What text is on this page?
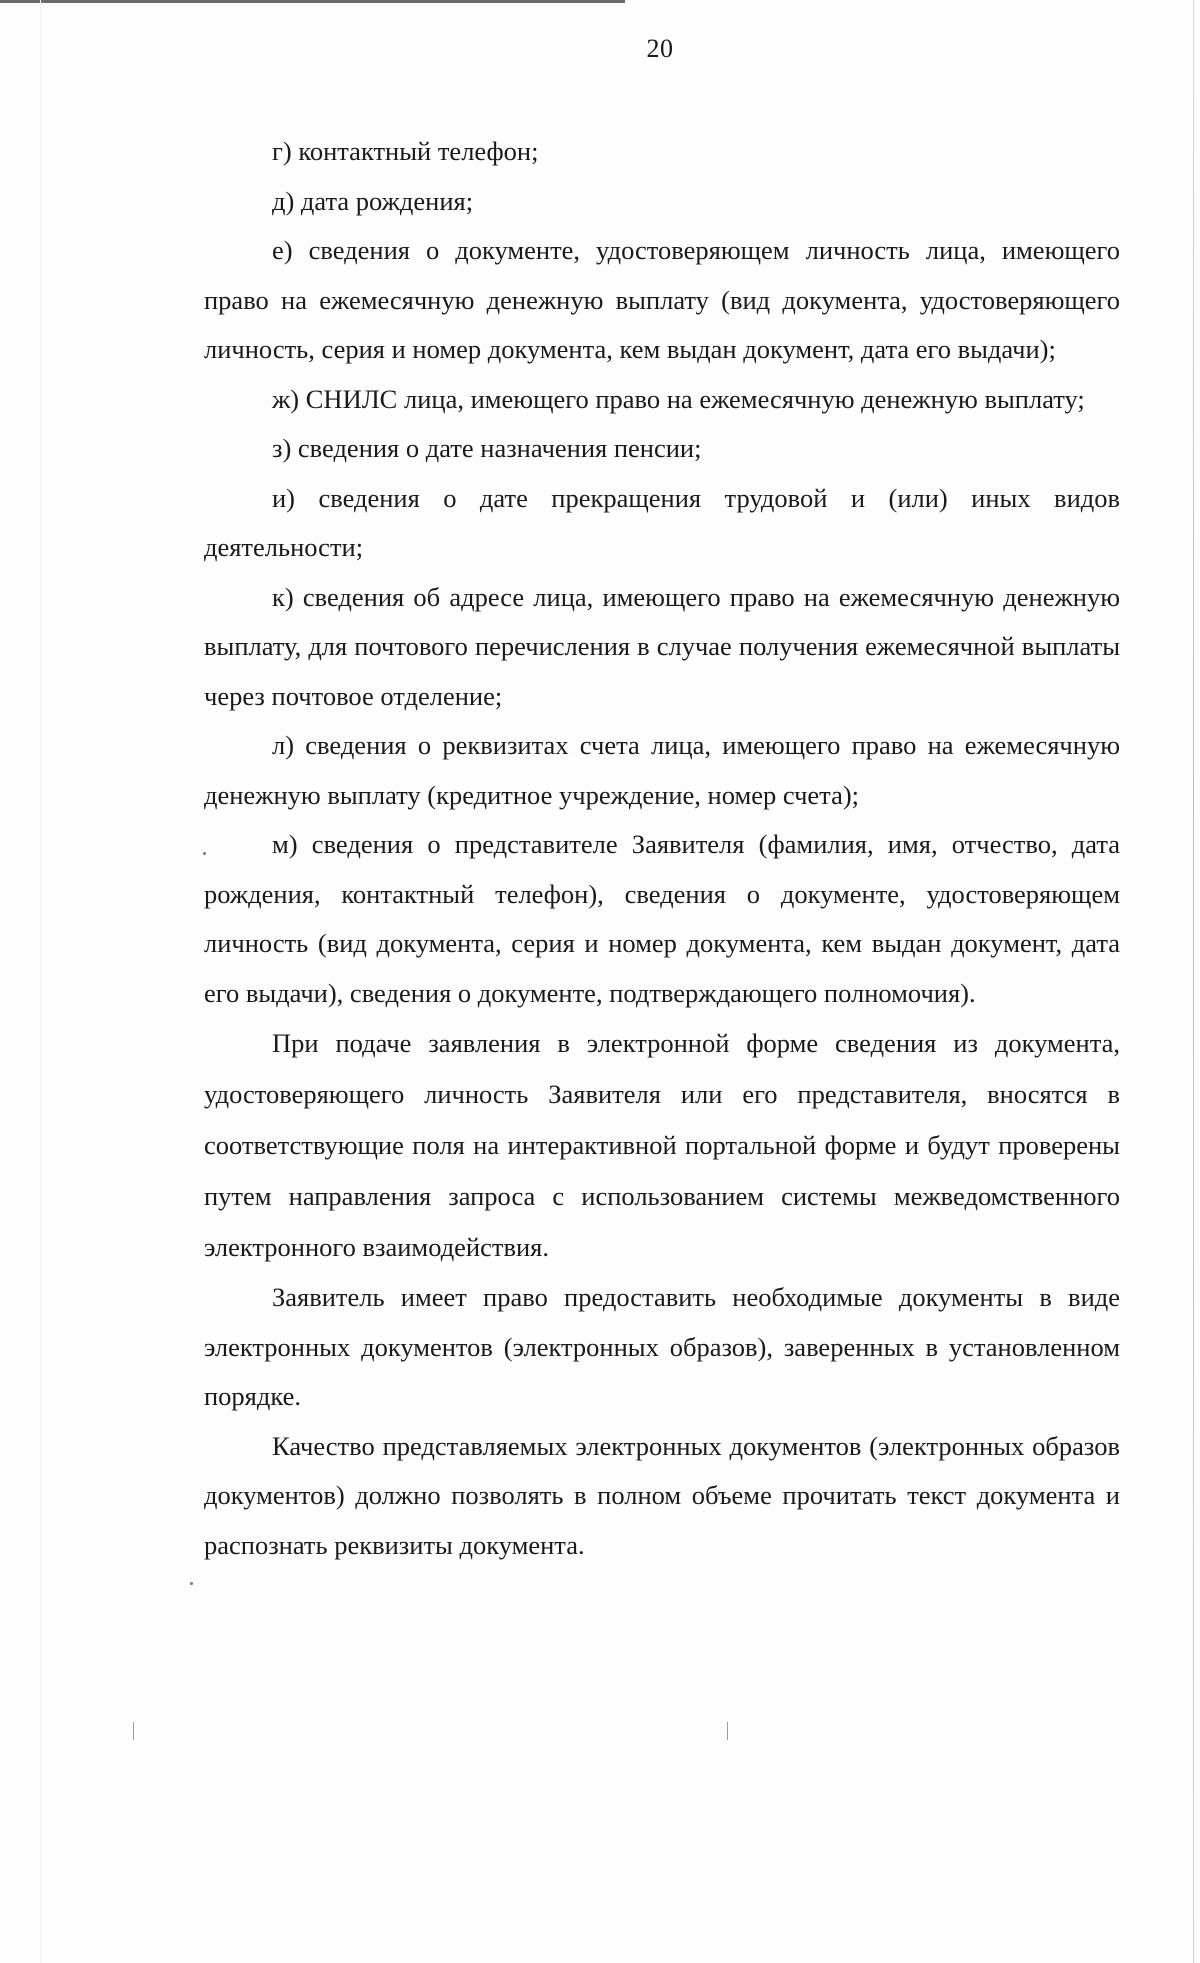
20

г) контактный телефон;

д) дата рождения;

е) сведения о документе, удостоверяющем личность лица, имеющего право на ежемесячную денежную выплату (вид документа, удостоверяющего личность, серия и номер документа, кем выдан документ, дата его выдачи);

ж) СНИЛС лица, имеющего право на ежемесячную денежную выплату;

з) сведения о дате назначения пенсии;

и) сведения о дате прекращения трудовой и (или) иных видов деятельности;

к) сведения об адресе лица, имеющего право на ежемесячную денежную выплату, для почтового перечисления в случае получения ежемесячной выплаты через почтовое отделение;

л) сведения о реквизитах счета лица, имеющего право на ежемесячную денежную выплату (кредитное учреждение, номер счета);

м) сведения о представителе Заявителя (фамилия, имя, отчество, дата рождения, контактный телефон), сведения о документе, удостоверяющем личность (вид документа, серия и номер документа, кем выдан документ, дата его выдачи), сведения о документе, подтверждающего полномочия).

При подаче заявления в электронной форме сведения из документа, удостоверяющего личность Заявителя или его представителя, вносятся в соответствующие поля на интерактивной портальной форме и будут проверены путем направления запроса с использованием системы межведомственного электронного взаимодействия.

Заявитель имеет право предоставить необходимые документы в виде электронных документов (электронных образов), заверенных в установленном порядке.

Качество представляемых электронных документов (электронных образов документов) должно позволять в полном объеме прочитать текст документа и распознать реквизиты документа.
